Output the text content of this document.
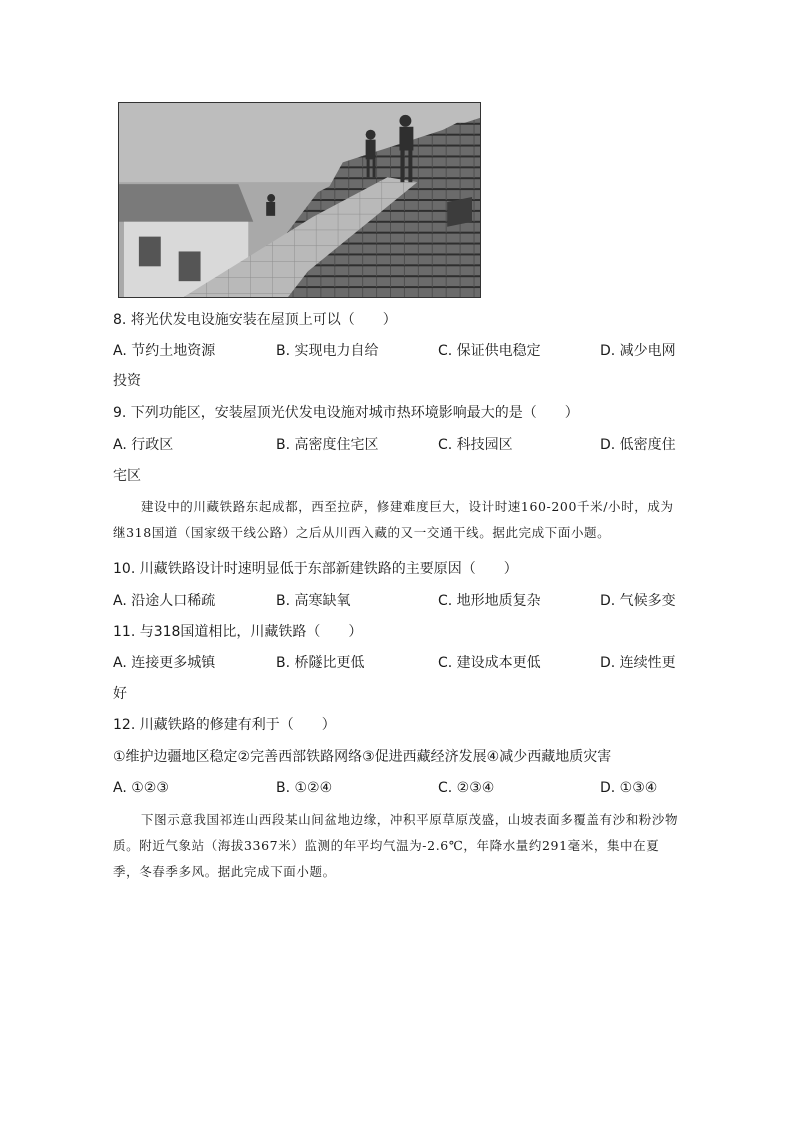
8. 将光伏发电设施安装在屋顶上可以（　　）
A. 节约土地资源	B. 实现电力自给	C. 保证供电稳定	D. 减少电网
投资
9. 下列功能区，安装屋顶光伏发电设施对城市热环境影响最大的是（　　）
A. 行政区	B. 高密度住宅区	C. 科技园区	D. 低密度住
宅区
建设中的川藏铁路东起成都，西至拉萨，修建难度巨大，设计时速160-200千米/小时，成为继318国道（国家级干线公路）之后从川西入藏的又一交通干线。据此完成下面小题。
10. 川藏铁路设计时速明显低于东部新建铁路的主要原因（　　）
A. 沿途人口稀疏	B. 高寒缺氧	C. 地形地质复杂	D. 气候多变
11. 与318国道相比，川藏铁路（　　）
A. 连接更多城镇	B. 桥隧比更低	C. 建设成本更低	D. 连续性更
好
12. 川藏铁路的修建有利于（　　）
①维护边疆地区稳定②完善西部铁路网络③促进西藏经济发展④减少西藏地质灾害
A. ①②③	B. ①②④	C. ②③④	D. ①③④
下图示意我国祁连山西段某山间盆地边缘，冲积平原草原茂盛，山坡表面多覆盖有沙和粉沙物质。附近气象站（海拔3367米）监测的年平均气温为-2.6℃，年降水量约291毫米，集中在夏季，冬春季多风。据此完成下面小题。
